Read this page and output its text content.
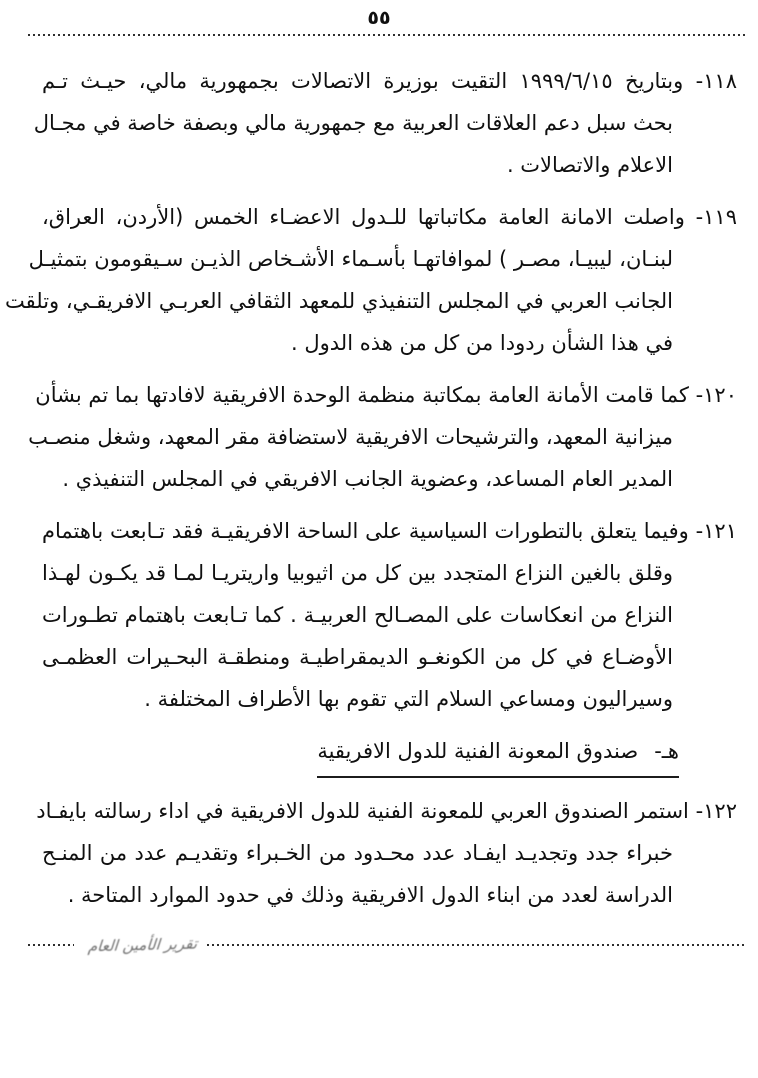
٥٥
١١٨- وبتاريخ ١٩٩٩/٦/١٥ التقيت بوزيرة الاتصالات بجمهورية مالي، حيـث تـم
بحث سبل دعم العلاقات العربية مع جمهورية مالي وبصفة خاصة في مجـال
الاعلام والاتصالات .
١١٩- واصلت الامانة العامة مكاتباتها للـدول الاعضـاء الخمس (الأردن، العراق،
لبنـان، ليبيـا، مصـر ) لموافاتهـا بأسـماء الأشـخاص الذيـن سـيقومون بتمثيـل
الجانب العربي في المجلس التنفيذي للمعهد الثقافي العربـي الافريقـي، وتلقت
في هذا الشأن ردودا من كل من هذه الدول .
١٢٠- كما قامت الأمانة العامة بمكاتبة منظمة الوحدة الافريقية لافادتها بما تم بشأن
ميزانية المعهد، والترشيحات الافريقية لاستضافة مقر المعهد، وشغل منصـب
المدير العام المساعد، وعضوية الجانب الافريقي في المجلس التنفيذي .
١٢١- وفيما يتعلق بالتطورات السياسية على الساحة الافريقيـة فقد تـابعت باهتمام
وقلق بالغين النزاع المتجدد بين كل من اثيوبيا واريتريـا لمـا قد يكـون لهـذا
النزاع من انعكاسات على المصـالح العربيـة . كما تـابعت باهتمام تطـورات
الأوضـاع في كل من الكونغـو الديمقراطيـة ومنطقـة البحـيرات العظمـى
وسيراليون ومساعي السلام التي تقوم بها الأطراف المختلفة .
هـ-صندوق المعونة الفنية للدول الافريقية
١٢٢- استمر الصندوق العربي للمعونة الفنية للدول الافريقية في اداء رسالته بايفـاد
خبراء جدد وتجديـد ايفـاد عدد محـدود من الخـبراء وتقديـم عدد من المنـح
الدراسة لعدد من ابناء الدول الافريقية وذلك في حدود الموارد المتاحة .
تقرير الأمين العام
